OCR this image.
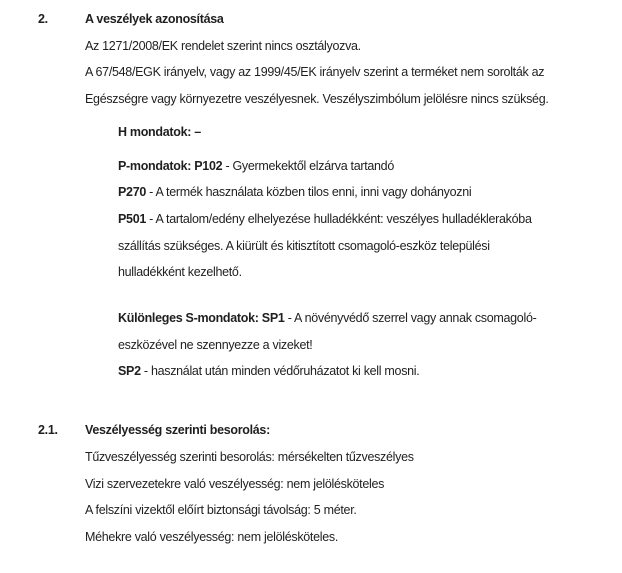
2.	A veszélyek azonosítása
Az 1271/2008/EK rendelet szerint nincs osztályozva.
A 67/548/EGK irányelv, vagy az 1999/45/EK irányelv szerint a terméket nem sorolták az
Egészségre vagy környezetre veszélyesnek. Veszélyszimbólum jelölésre nincs szükség.
H mondatok: –
P-mondatok: P102 - Gyermekektől elzárva tartandó
P270 - A termék használata közben tilos enni, inni vagy dohányozni
P501 - A tartalom/edény elhelyezése hulladékként: veszélyes hulladéklerakóba
szállítás szükséges. A kiürült és kitisztított csomagoló-eszköz települési
hulladékként kezelhető.
Különleges S-mondatok: SP1 - A növényvédő szerrel vagy annak csomagoló-
eszközével ne szennyezze a vizeket!
SP2 - használat után minden védőruházatot ki kell mosni.
2.1.	Veszélyesség szerinti besorolás:
Tűzveszélyesség szerinti besorolás: mérsékelten tűzveszélyes
Vizi szervezetekre való veszélyesség: nem jelölésköteles
A felszíni vizektől előírt biztonsági távolság: 5 méter.
Méhekre való veszélyesség: nem jelölésköteles.
